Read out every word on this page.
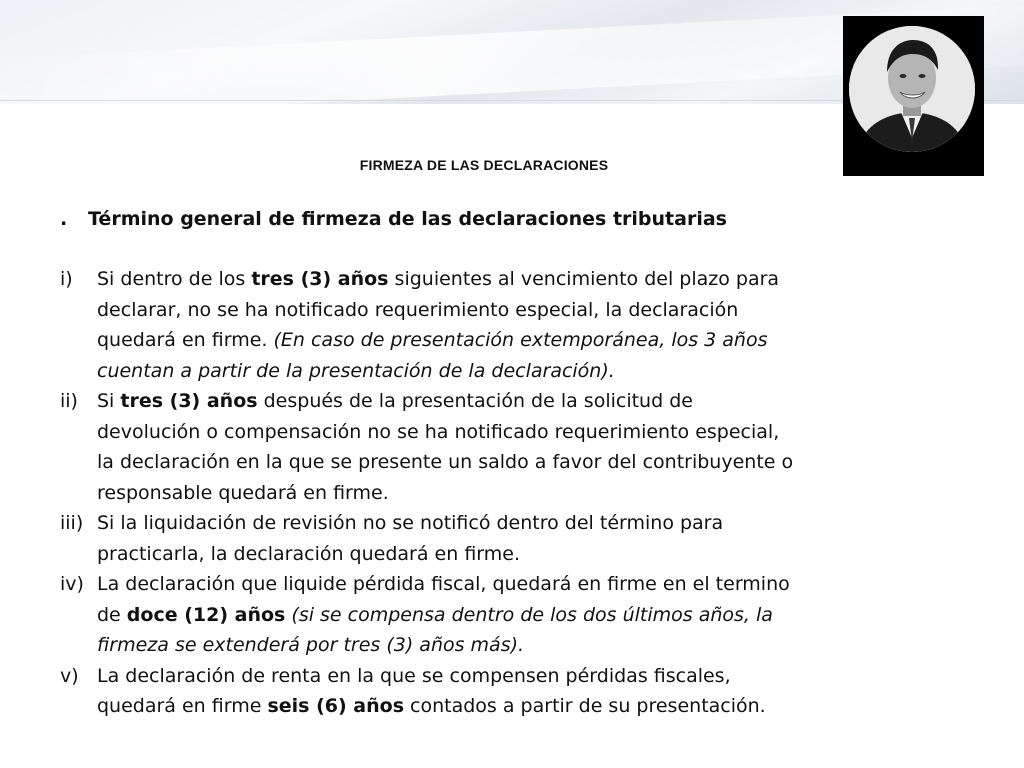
FIRMEZA DE LAS DECLARACIONES
. Término general de firmeza de las declaraciones tributarias
i)	Si dentro de los tres (3) años siguientes al vencimiento del plazo para declarar, no se ha notificado requerimiento especial, la declaración quedará en firme. (En caso de presentación extemporánea, los 3 años cuentan a partir de la presentación de la declaración).
ii)	Si tres (3) años después de la presentación de la solicitud de devolución o compensación no se ha notificado requerimiento especial, la declaración en la que se presente un saldo a favor del contribuyente o responsable quedará en firme.
iii) Si la liquidación de revisión no se notificó dentro del término para practicarla, la declaración quedará en firme.
iv) La declaración que liquide pérdida fiscal, quedará en firme en el termino de doce (12) años (si se compensa dentro de los dos últimos años, la firmeza se extenderá por tres (3) años más).
v) La declaración de renta en la que se compensen pérdidas fiscales, quedará en firme seis (6) años contados a partir de su presentación.
